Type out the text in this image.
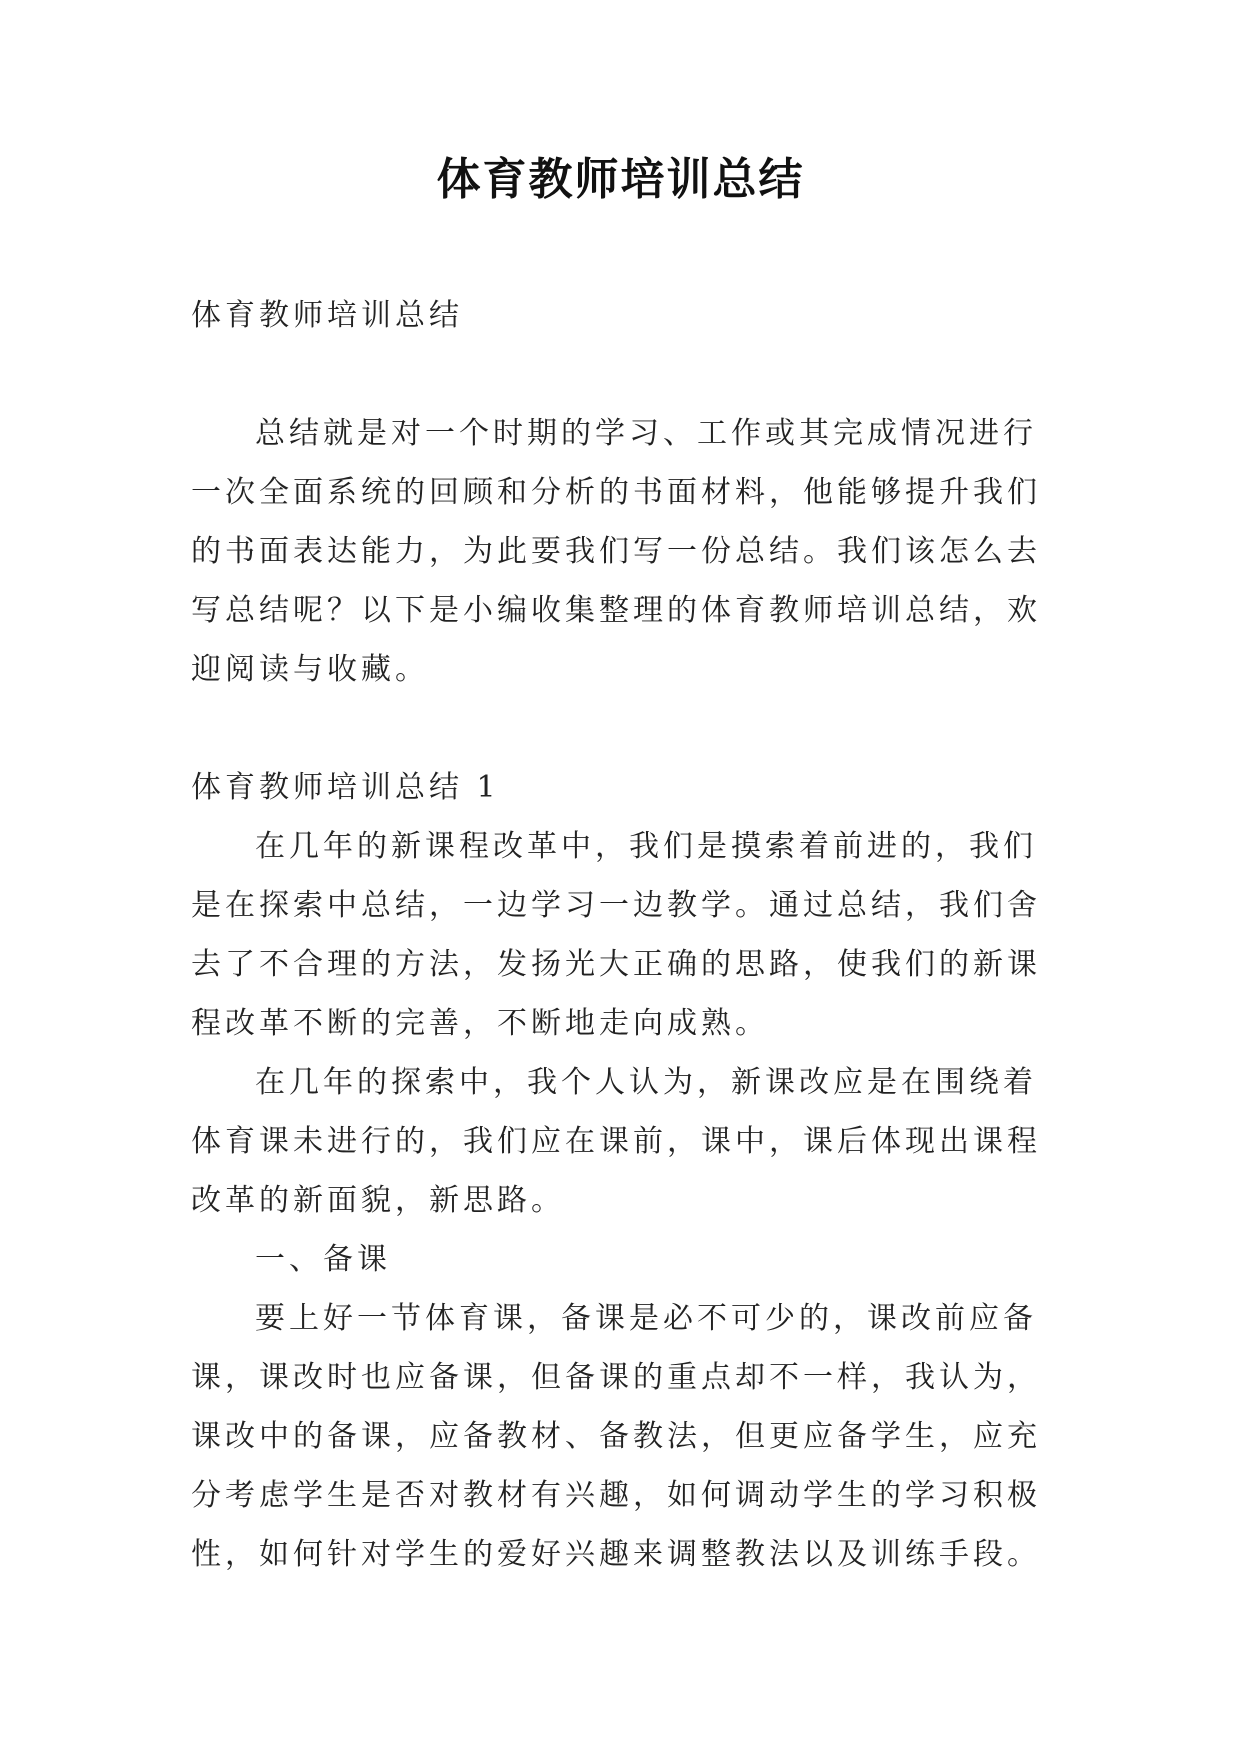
体育教师培训总结

体育教师培训总结

总结就是对一个时期的学习、工作或其完成情况进行一次全面系统的回顾和分析的书面材料，他能够提升我们的书面表达能力，为此要我们写一份总结。我们该怎么去写总结呢？以下是小编收集整理的体育教师培训总结，欢迎阅读与收藏。

体育教师培训总结 1

在几年的新课程改革中，我们是摸索着前进的，我们是在探索中总结，一边学习一边教学。通过总结，我们舍去了不合理的方法，发扬光大正确的思路，使我们的新课程改革不断的完善，不断地走向成熟。

在几年的探索中，我个人认为，新课改应是在围绕着体育课未进行的，我们应在课前，课中，课后体现出课程改革的新面貌，新思路。

一、备课

要上好一节体育课，备课是必不可少的，课改前应备课，课改时也应备课，但备课的重点却不一样，我认为，课改中的备课，应备教材、备教法，但更应备学生，应充分考虑学生是否对教材有兴趣，如何调动学生的学习积极性，如何针对学生的爱好兴趣来调整教法以及训练手段。
